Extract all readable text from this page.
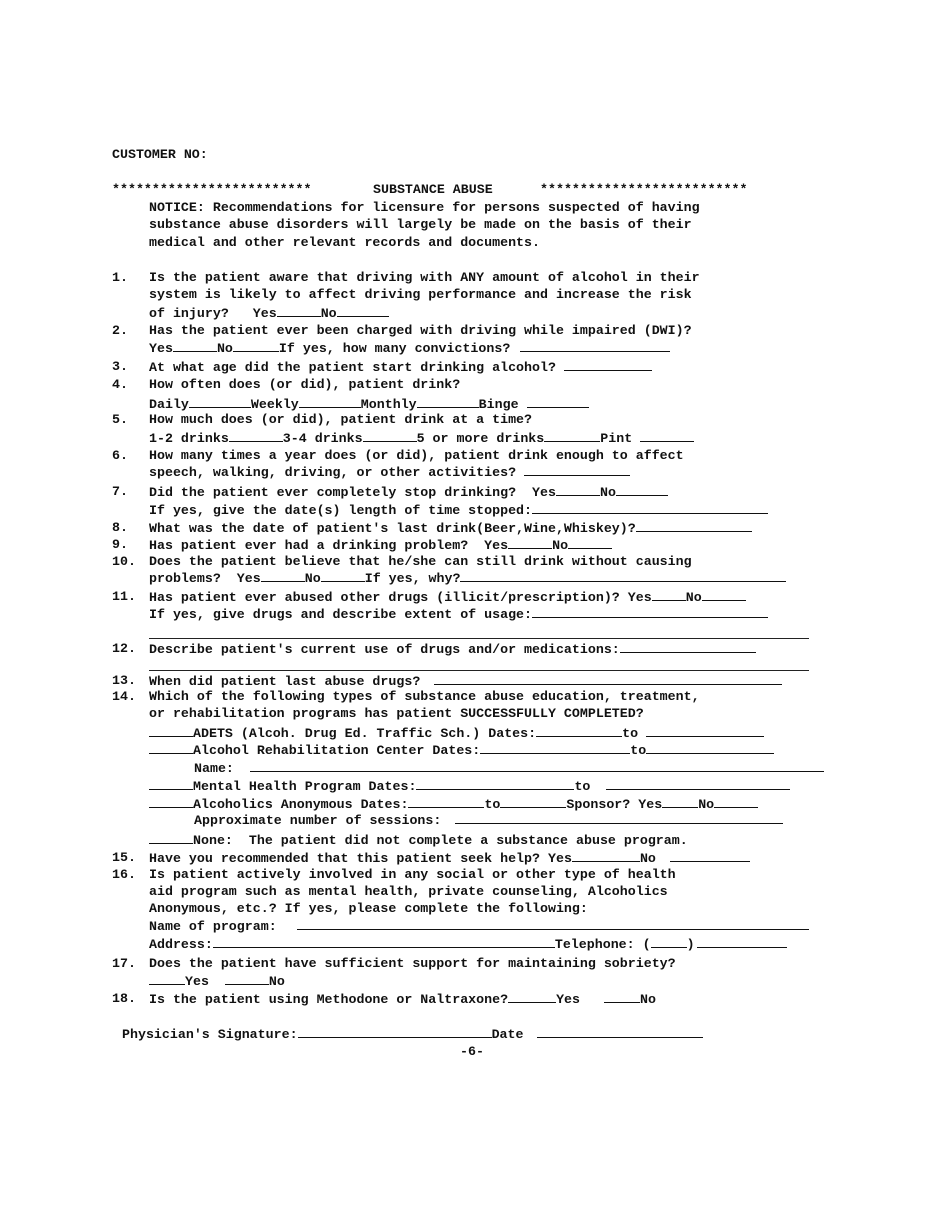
CUSTOMER NO:
*************************	SUBSTANCE ABUSE	**************************
NOTICE: Recommendations for licensure for persons suspected of having
substance abuse disorders will largely be made on the basis of their
medical and other relevant records and documents.
1. Is the patient aware that driving with ANY amount of alcohol in their
system is likely to affect driving performance and increase the risk
of injury? Yes	No
2. Has the patient ever been charged with driving while impaired (DWI)?
Yes	No	If yes, how many convictions?
3. At what age did the patient start drinking alcohol?
4. How often does (or did), patient drink?
Daily	Weekly	Monthly	Binge
5. How much does (or did), patient drink at a time?
1-2 drinks	3-4 drinks	5 or more drinks	Pint
6. How many times a year does (or did), patient drink enough to affect
speech, walking, driving, or other activities?
7. Did the patient ever completely stop drinking? Yes	No
If yes, give the date(s) length of time stopped:
8. What was the date of patient's last drink(Beer,Wine,Whiskey)?
9. Has patient ever had a drinking problem? Yes	No
10. Does the patient believe that he/she can still drink without causing
problems? Yes	No	If yes, why?
11. Has patient ever abused other drugs (illicit/prescription)? Yes	No
If yes, give drugs and describe extent of usage:
12. Describe patient's current use of drugs and/or medications:
13. When did patient last abuse drugs?
14. Which of the following types of substance abuse education, treatment,
or rehabilitation programs has patient SUCCESSFULLY COMPLETED?
ADETS (Alcoh. Drug Ed. Traffic Sch.) Dates:	to
Alcohol Rehabilitation Center Dates:	to
Name:
Mental Health Program Dates:	to
Alcoholics Anonymous Dates:	to	Sponsor? Yes	No
Approximate number of sessions:
None:  The patient did not complete a substance abuse program.
15. Have you recommended that this patient seek help? Yes	No
16. Is patient actively involved in any social or other type of health
aid program such as mental health, private counseling, Alcoholics
Anonymous, etc.? If yes, please complete the following:
Name of program:
Address:	Telephone: (	)
17. Does the patient have sufficient support for maintaining sobriety?
Yes	No
18. Is the patient using Methodone or Naltraxone?	Yes	No
Physician's Signature:	Date
-6-
